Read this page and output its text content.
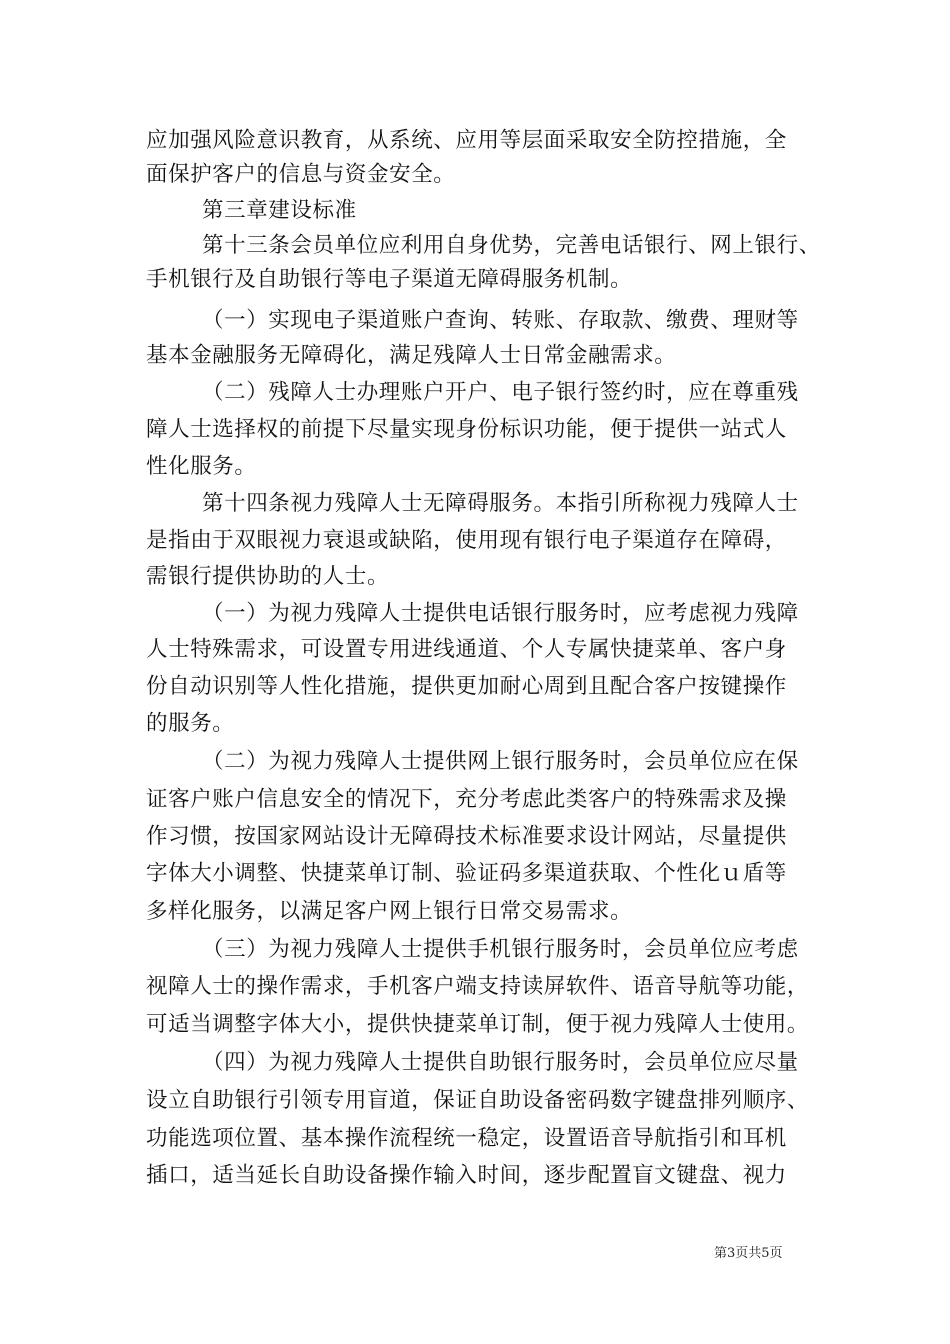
应加强风险意识教育，从系统、应用等层面采取安全防控措施，全
面保护客户的信息与资金安全。
第三章建设标准
第十三条会员单位应利用自身优势，完善电话银行、网上银行、
手机银行及自助银行等电子渠道无障碍服务机制。
（一）实现电子渠道账户查询、转账、存取款、缴费、理财等
基本金融服务无障碍化，满足残障人士日常金融需求。
（二）残障人士办理账户开户、电子银行签约时，应在尊重残
障人士选择权的前提下尽量实现身份标识功能，便于提供一站式人
性化服务。
第十四条视力残障人士无障碍服务。本指引所称视力残障人士
是指由于双眼视力衰退或缺陷，使用现有银行电子渠道存在障碍，
需银行提供协助的人士。
（一）为视力残障人士提供电话银行服务时，应考虑视力残障
人士特殊需求，可设置专用进线通道、个人专属快捷菜单、客户身
份自动识别等人性化措施，提供更加耐心周到且配合客户按键操作
的服务。
（二）为视力残障人士提供网上银行服务时，会员单位应在保
证客户账户信息安全的情况下，充分考虑此类客户的特殊需求及操
作习惯，按国家网站设计无障碍技术标准要求设计网站，尽量提供
字体大小调整、快捷菜单订制、验证码多渠道获取、个性化ｕ盾等
多样化服务，以满足客户网上银行日常交易需求。
（三）为视力残障人士提供手机银行服务时，会员单位应考虑
视障人士的操作需求，手机客户端支持读屏软件、语音导航等功能，
可适当调整字体大小，提供快捷菜单订制，便于视力残障人士使用。
（四）为视力残障人士提供自助银行服务时，会员单位应尽量
设立自助银行引领专用盲道，保证自助设备密码数字键盘排列顺序、
功能选项位置、基本操作流程统一稳定，设置语音导航指引和耳机
插口，适当延长自助设备操作输入时间，逐步配置盲文键盘、视力
第3页共5页
